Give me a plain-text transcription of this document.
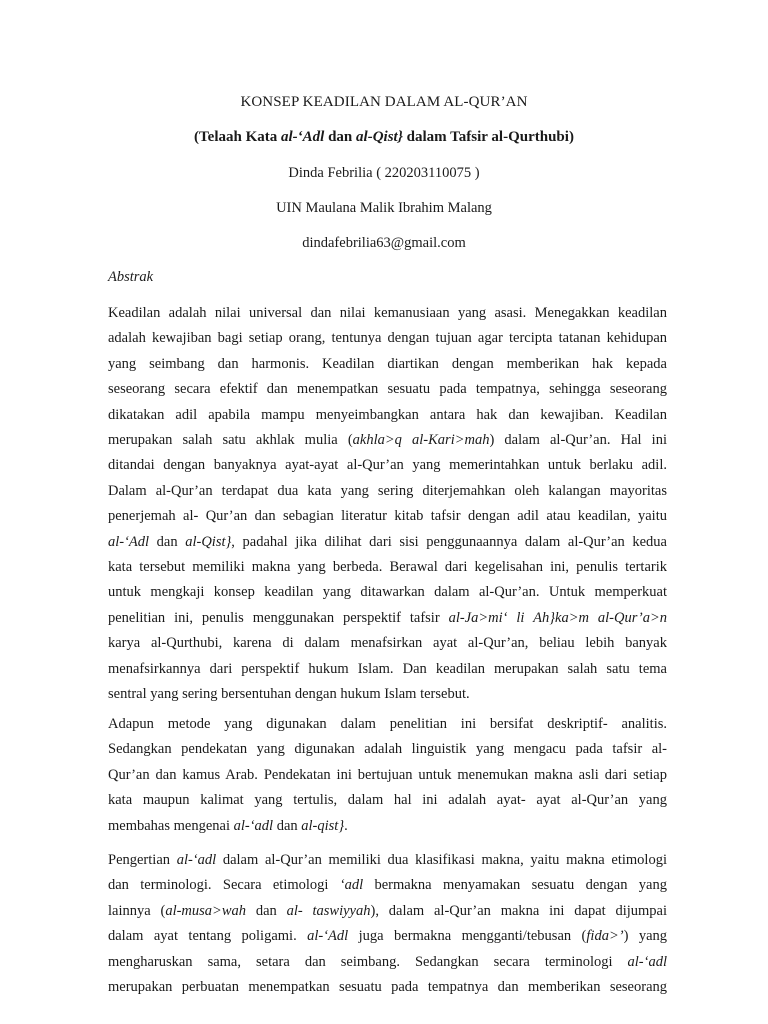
KONSEP KEADILAN DALAM AL-QUR’AN
(Telaah Kata al-‘Adl dan al-Qist} dalam Tafsir al-Qurthubi)
Dinda Febrilia ( 220203110075 )
UIN Maulana Malik Ibrahim Malang
dindafebrilia63@gmail.com
Abstrak
Keadilan adalah nilai universal dan nilai kemanusiaan yang asasi. Menegakkan keadilan
adalah kewajiban bagi setiap orang, tentunya dengan tujuan agar tercipta tatanan kehidupan
yang seimbang dan harmonis. Keadilan diartikan dengan memberikan hak kepada
seseorang secara efektif dan menempatkan sesuatu pada tempatnya, sehingga seseorang
dikatakan adil apabila mampu menyeimbangkan antara hak dan kewajiban. Keadilan
merupakan salah satu akhlak mulia (akhla>q al-Kari>mah) dalam al-Qur’an. Hal ini
ditandai dengan banyaknya ayat-ayat al-Qur’an yang memerintahkan untuk berlaku adil.
Dalam al-Qur’an terdapat dua kata yang sering diterjemahkan oleh kalangan mayoritas
penerjemah al- Qur’an dan sebagian literatur kitab tafsir dengan adil atau keadilan, yaitu
al-‘Adl dan al-Qist}, padahal jika dilihat dari sisi penggunaannya dalam al-Qur’an kedua
kata tersebut memiliki makna yang berbeda. Berawal dari kegelisahan ini, penulis tertarik
untuk mengkaji konsep keadilan yang ditawarkan dalam al-Qur’an. Untuk memperkuat
penelitian ini, penulis menggunakan perspektif tafsir al-Ja>mi‘ li Ah}ka>m al-Qur’a>n
karya al-Qurthubi, karena di dalam menafsirkan ayat al-Qur’an, beliau lebih banyak
menafsirkannya dari perspektif hukum Islam. Dan keadilan merupakan salah satu tema
sentral yang sering bersentuhan dengan hukum Islam tersebut.
Adapun metode yang digunakan dalam penelitian ini bersifat deskriptif- analitis.
Sedangkan pendekatan yang digunakan adalah linguistik yang mengacu pada tafsir al-
Qur’an dan kamus Arab. Pendekatan ini bertujuan untuk menemukan makna asli dari setiap
kata maupun kalimat yang tertulis, dalam hal ini adalah ayat- ayat al-Qur’an yang
membahas mengenai al-‘adl dan al-qist}.
Pengertian al-‘adl dalam al-Qur’an memiliki dua klasifikasi makna, yaitu makna etimologi
dan terminologi. Secara etimologi ‘adl bermakna menyamakan sesuatu dengan yang
lainnya (al-musa>wah dan al- taswiyyah), dalam al-Qur’an makna ini dapat dijumpai
dalam ayat tentang poligami. al-‘Adl juga bermakna mengganti/tebusan (fida>’) yang
mengharuskan sama, setara dan seimbang. Sedangkan secara terminologi al-‘adl
merupakan perbuatan menempatkan sesuatu pada tempatnya dan memberikan seseorang
